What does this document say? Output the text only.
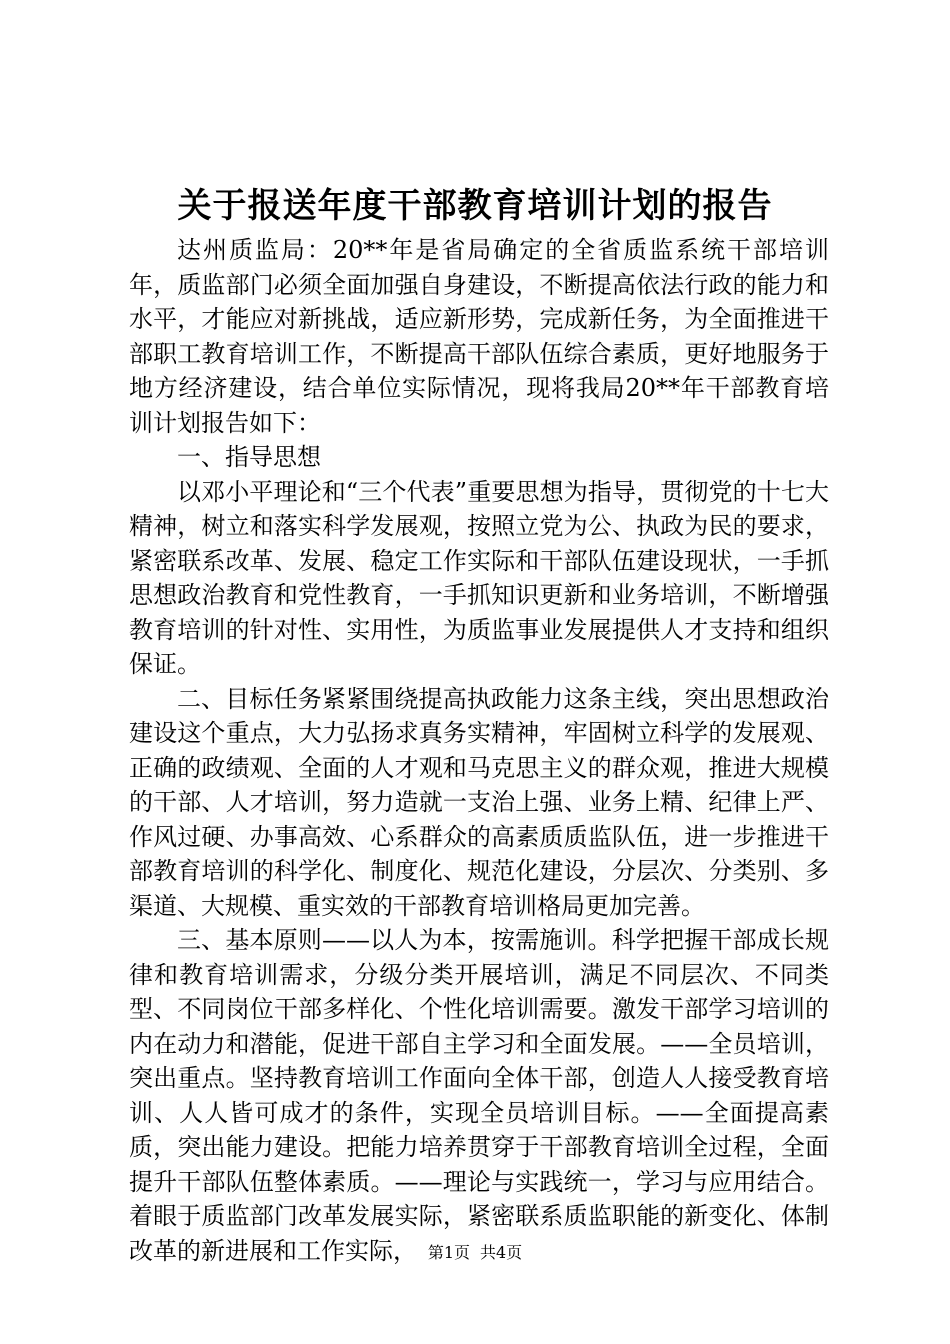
关于报送年度干部教育培训计划的报告

达州质监局：20**年是省局确定的全省质监系统干部培训年，质监部门必须全面加强自身建设，不断提高依法行政的能力和水平，才能应对新挑战，适应新形势，完成新任务，为全面推进干部职工教育培训工作，不断提高干部队伍综合素质，更好地服务于地方经济建设，结合单位实际情况，现将我局20**年干部教育培训计划报告如下：

一、指导思想

以邓小平理论和“三个代表”重要思想为指导，贯彻党的十七大精神，树立和落实科学发展观，按照立党为公、执政为民的要求，紧密联系改革、发展、稳定工作实际和干部队伍建设现状，一手抓思想政治教育和党性教育，一手抓知识更新和业务培训，不断增强教育培训的针对性、实用性，为质监事业发展提供人才支持和组织保证。

二、目标任务紧紧围绕提高执政能力这条主线，突出思想政治建设这个重点，大力弘扬求真务实精神，牢固树立科学的发展观、正确的政绩观、全面的人才观和马克思主义的群众观，推进大规模的干部、人才培训，努力造就一支治上强、业务上精、纪律上严、作风过硬、办事高效、心系群众的高素质质监队伍，进一步推进干部教育培训的科学化、制度化、规范化建设，分层次、分类别、多渠道、大规模、重实效的干部教育培训格局更加完善。

三、基本原则——以人为本，按需施训。科学把握干部成长规律和教育培训需求，分级分类开展培训，满足不同层次、不同类型、不同岗位干部多样化、个性化培训需要。激发干部学习培训的内在动力和潜能，促进干部自主学习和全面发展。——全员培训，突出重点。坚持教育培训工作面向全体干部，创造人人接受教育培训、人人皆可成才的条件，实现全员培训目标。——全面提高素质，突出能力建设。把能力培养贯穿于干部教育培训全过程，全面提升干部队伍整体素质。——理论与实践统一，学习与应用结合。着眼于质监部门改革发展实际，紧密联系质监职能的新变化、体制改革的新进展和工作实际， 第1页 共4页
